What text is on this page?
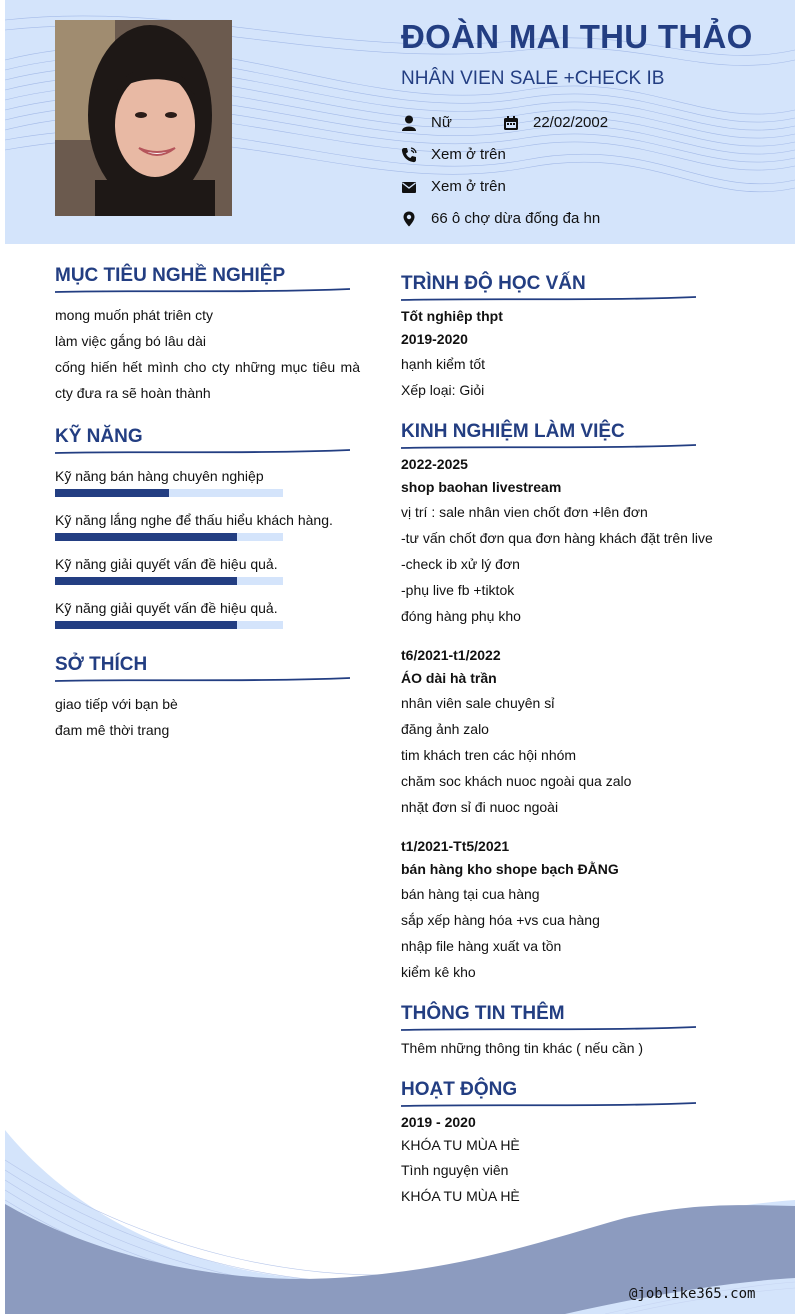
ĐOÀN MAI THU THẢO
NHÂN VIEN SALE +CHECK IB
Nữ	22/02/2002
Xem ở trên
Xem ở trên
66 ô chợ dừa đống đa hn
MỤC TIÊU NGHỀ NGHIỆP
mong muốn phát triên cty
làm việc gắng bó lâu dài
cống hiến hết mình cho cty những mục tiêu mà
cty đưa ra sẽ hoàn thành
KỸ NĂNG
Kỹ năng bán hàng chuyên nghiệp
Kỹ năng lắng nghe để thấu hiểu khách hàng.
Kỹ năng giải quyết vấn đề hiệu quả.
Kỹ năng giải quyết vấn đề hiệu quả.
SỞ THÍCH
giao tiếp với bạn bè
đam mê thời trang
TRÌNH ĐỘ HỌC VẤN
Tốt nghiêp thpt
2019-2020
hạnh kiểm tốt
Xếp loại: Giỏi
KINH NGHIỆM LÀM VIỆC
2022-2025
shop baohan livestream
vị trí : sale nhân vien chốt đơn +lên đơn
-tư vấn chốt đơn qua đơn hàng khách đặt trên live
-check ib xử lý đơn
-phụ live fb +tiktok
đóng hàng phụ kho
t6/2021-t1/2022
ÁO dài hà trần
nhân viên sale chuyên sỉ
đăng ảnh zalo
tim khách tren các hội nhóm
chăm soc khách nuoc ngoài qua zalo
nhặt đơn sỉ đi nuoc ngoài
t1/2021-Tt5/2021
bán hàng kho shope bạch ĐẰNG
bán hàng tại cua hàng
sắp xếp hàng hóa +vs cua hàng
nhập file hàng xuất va tồn
kiểm kê kho
THÔNG TIN THÊM
Thêm những thông tin khác ( nếu cần )
HOẠT ĐỘNG
2019 - 2020
KHÓA TU MÙA HÈ
Tình nguyện viên
KHÓA TU MÙA HÈ
@joblike365.com
